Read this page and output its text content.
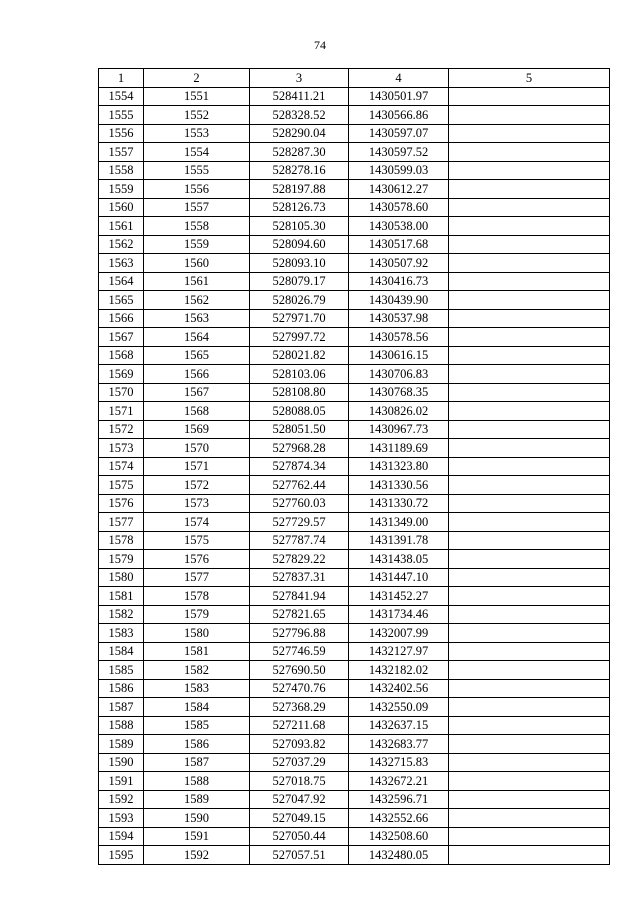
74
1	2	3	4	5
1554	1551	528411.21	1430501.97	
1555	1552	528328.52	1430566.86	
1556	1553	528290.04	1430597.07	
1557	1554	528287.30	1430597.52	
1558	1555	528278.16	1430599.03	
1559	1556	528197.88	1430612.27	
1560	1557	528126.73	1430578.60	
1561	1558	528105.30	1430538.00	
1562	1559	528094.60	1430517.68	
1563	1560	528093.10	1430507.92	
1564	1561	528079.17	1430416.73	
1565	1562	528026.79	1430439.90	
1566	1563	527971.70	1430537.98	
1567	1564	527997.72	1430578.56	
1568	1565	528021.82	1430616.15	
1569	1566	528103.06	1430706.83	
1570	1567	528108.80	1430768.35	
1571	1568	528088.05	1430826.02	
1572	1569	528051.50	1430967.73	
1573	1570	527968.28	1431189.69	
1574	1571	527874.34	1431323.80	
1575	1572	527762.44	1431330.56	
1576	1573	527760.03	1431330.72	
1577	1574	527729.57	1431349.00	
1578	1575	527787.74	1431391.78	
1579	1576	527829.22	1431438.05	
1580	1577	527837.31	1431447.10	
1581	1578	527841.94	1431452.27	
1582	1579	527821.65	1431734.46	
1583	1580	527796.88	1432007.99	
1584	1581	527746.59	1432127.97	
1585	1582	527690.50	1432182.02	
1586	1583	527470.76	1432402.56	
1587	1584	527368.29	1432550.09	
1588	1585	527211.68	1432637.15	
1589	1586	527093.82	1432683.77	
1590	1587	527037.29	1432715.83	
1591	1588	527018.75	1432672.21	
1592	1589	527047.92	1432596.71	
1593	1590	527049.15	1432552.66	
1594	1591	527050.44	1432508.60	
1595	1592	527057.51	1432480.05	
